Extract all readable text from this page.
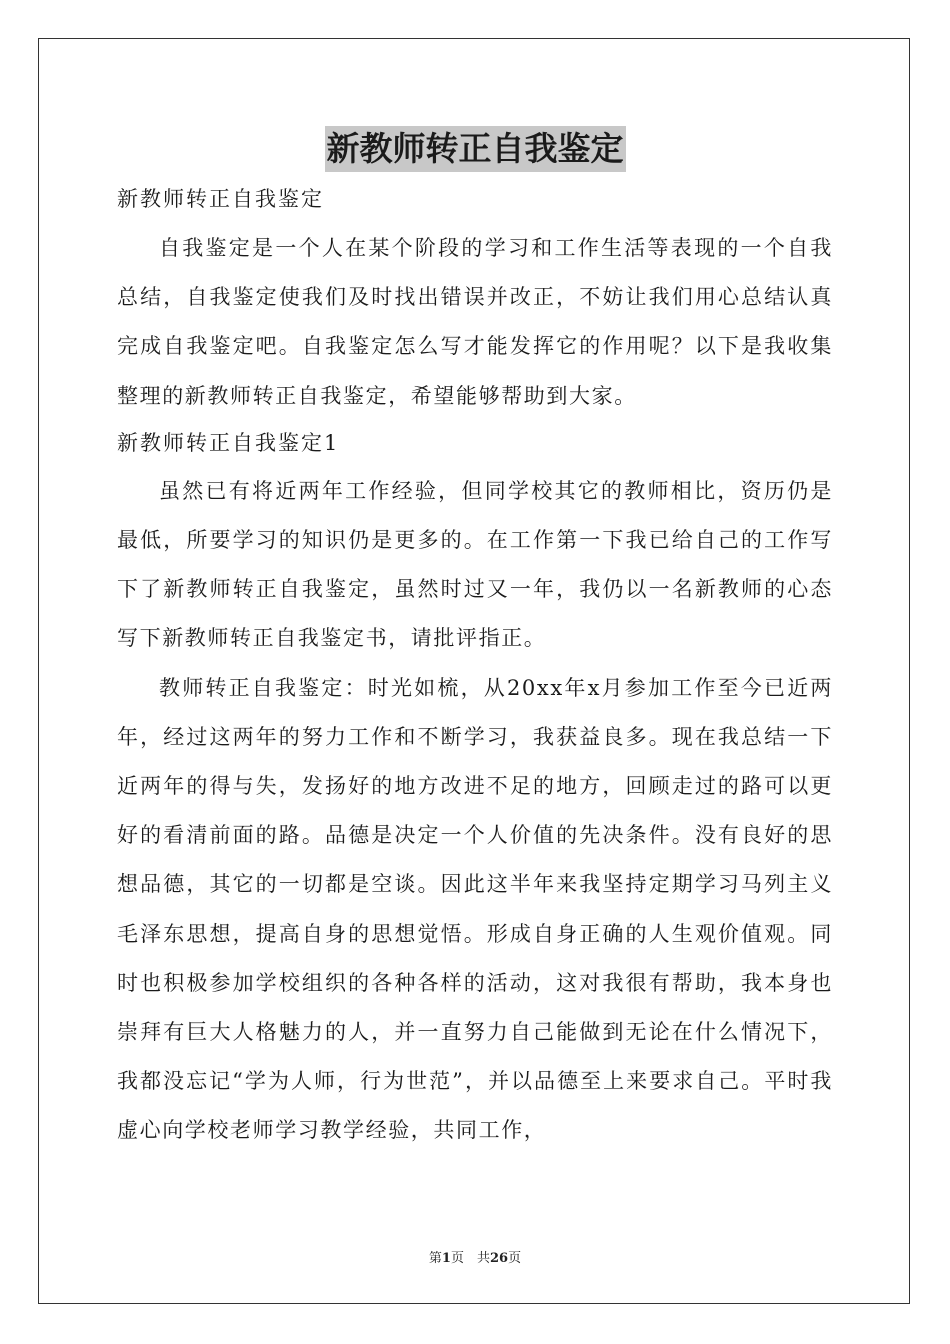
新教师转正自我鉴定

新教师转正自我鉴定

自我鉴定是一个人在某个阶段的学习和工作生活等表现的一个自我总结，自我鉴定使我们及时找出错误并改正，不妨让我们用心总结认真完成自我鉴定吧。自我鉴定怎么写才能发挥它的作用呢？以下是我收集整理的新教师转正自我鉴定，希望能够帮助到大家。

新教师转正自我鉴定1

虽然已有将近两年工作经验，但同学校其它的教师相比，资历仍是最低，所要学习的知识仍是更多的。在工作第一下我已给自己的工作写下了新教师转正自我鉴定，虽然时过又一年，我仍以一名新教师的心态写下新教师转正自我鉴定书，请批评指正。

教师转正自我鉴定：时光如梳，从20xx年x月参加工作至今已近两年，经过这两年的努力工作和不断学习，我获益良多。现在我总结一下近两年的得与失，发扬好的地方改进不足的地方，回顾走过的路可以更好的看清前面的路。品德是决定一个人价值的先决条件。没有良好的思想品德，其它的一切都是空谈。因此这半年来我坚持定期学习马列主义毛泽东思想，提高自身的思想觉悟。形成自身正确的人生观价值观。同时也积极参加学校组织的各种各样的活动，这对我很有帮助，我本身也崇拜有巨大人格魅力的人，并一直努力自己能做到无论在什么情况下，我都没忘记“学为人师，行为世范”，并以品德至上来要求自己。平时我虚心向学校老师学习教学经验，共同工作，

第1页　共26页
